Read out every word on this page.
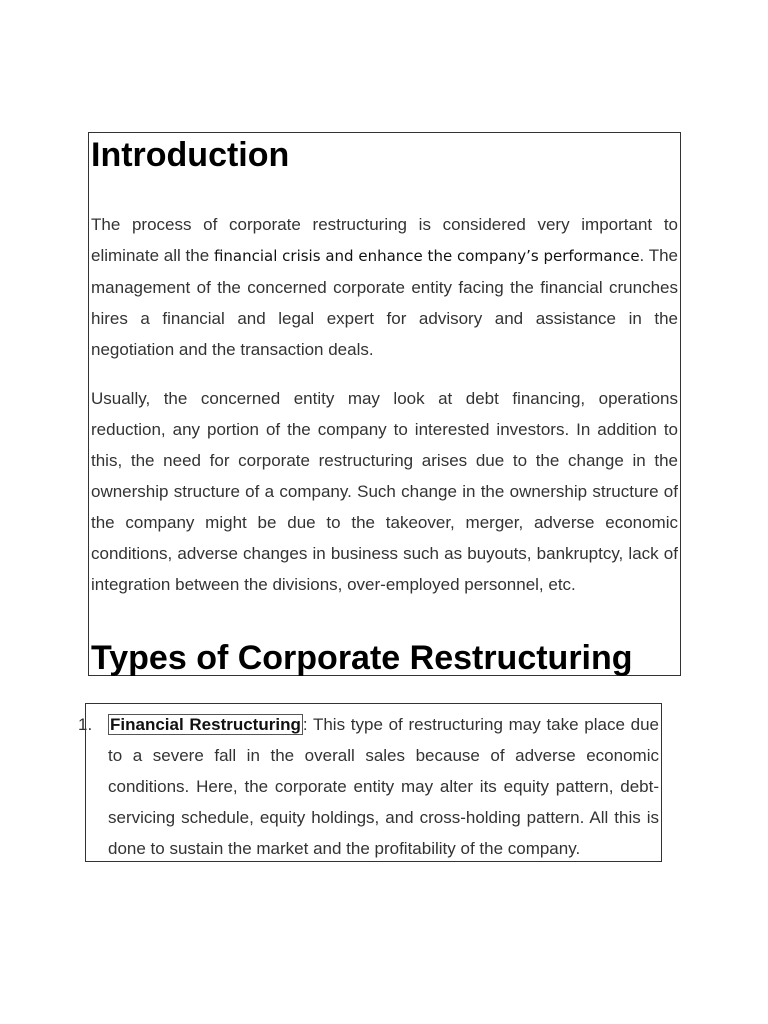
Introduction
The process of corporate restructuring is considered very important to eliminate all the financial crisis and enhance the company’s performance. The management of the concerned corporate entity facing the financial crunches hires a financial and legal expert for advisory and assistance in the negotiation and the transaction deals.
Usually, the concerned entity may look at debt financing, operations reduction, any portion of the company to interested investors. In addition to this, the need for corporate restructuring arises due to the change in the ownership structure of a company. Such change in the ownership structure of the company might be due to the takeover, merger, adverse economic conditions, adverse changes in business such as buyouts, bankruptcy, lack of integration between the divisions, over-employed personnel, etc.
Types of Corporate Restructuring
1. Financial Restructuring : This type of restructuring may take place due to a severe fall in the overall sales because of adverse economic conditions. Here, the corporate entity may alter its equity pattern, debt-servicing schedule, equity holdings, and cross-holding pattern. All this is done to sustain the market and the profitability of the company.
